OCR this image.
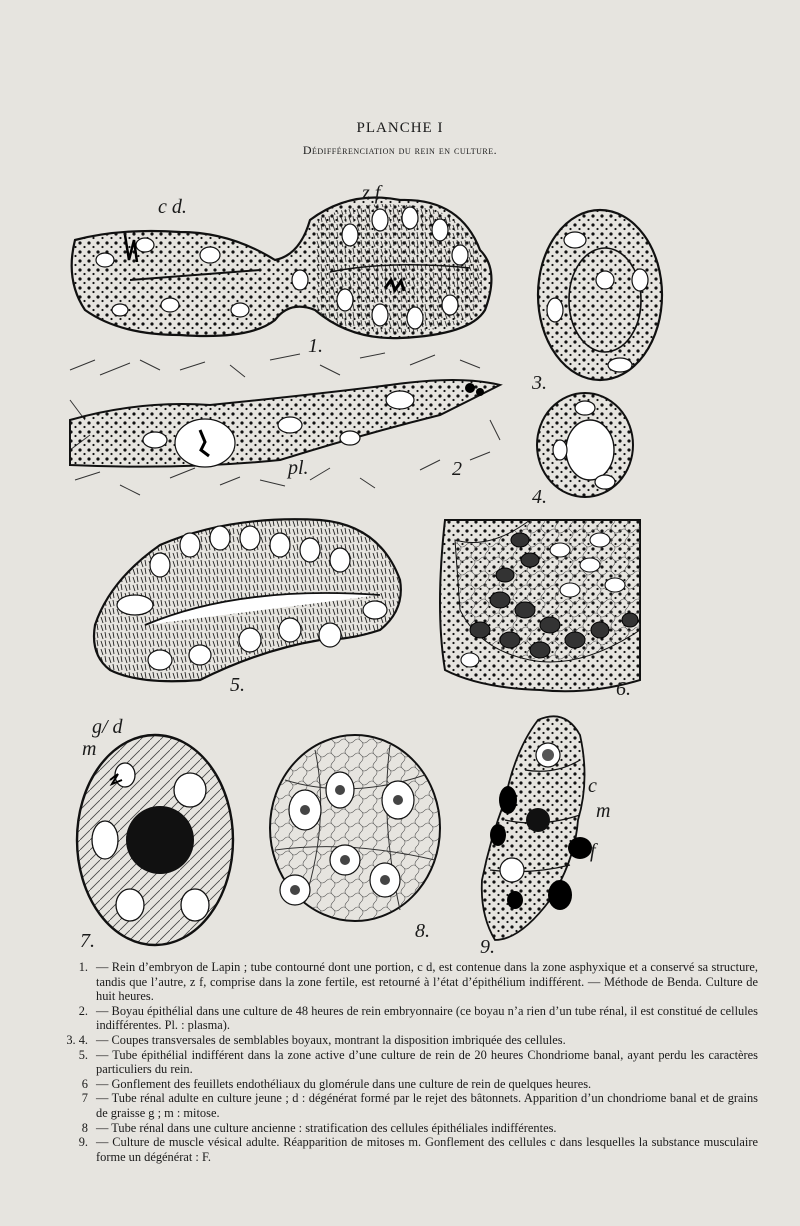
PLANCHE I
Dédifférenciation du rein en culture.
c d.
z f
pl.
g/ d
m
c
m
f
1.
2
3.
4.
5.	6.
7.	8.
9.
1. — Rein d’embryon de Lapin ; tube contourné dont une portion, c d, est contenue dans la zone asphyxique et a conservé sa structure, tandis que l’autre, z f, comprise dans la zone fertile, est retourné à l’état d’épithélium indifférent. — Méthode de Benda. Culture de huit heures.
2. — Boyau épithélial dans une culture de 48 heures de rein embryonnaire (ce boyau n’a rien d’un tube rénal, il est constitué de cellules indifférentes. Pl. : plasma).
3. 4. — Coupes transversales de semblables boyaux, montrant la disposition imbriquée des cellules.
5. — Tube épithélial indifférent dans la zone active d’une culture de rein de 20 heures Chondriome banal, ayant perdu les caractères particuliers du rein.
6 — Gonflement des feuillets endothéliaux du glomérule dans une culture de rein de quelques heures.
7 — Tube rénal adulte en culture jeune ; d : dégénérat formé par le rejet des bâtonnets. Apparition d’un chondriome banal et de grains de graisse g ; m : mitose.
8 — Tube rénal dans une culture ancienne : stratification des cellules épithéliales indifférentes.
9. — Culture de muscle vésical adulte. Réapparition de mitoses m. Gonflement des cellules c dans lesquelles la substance musculaire forme un dégénérat : F.
